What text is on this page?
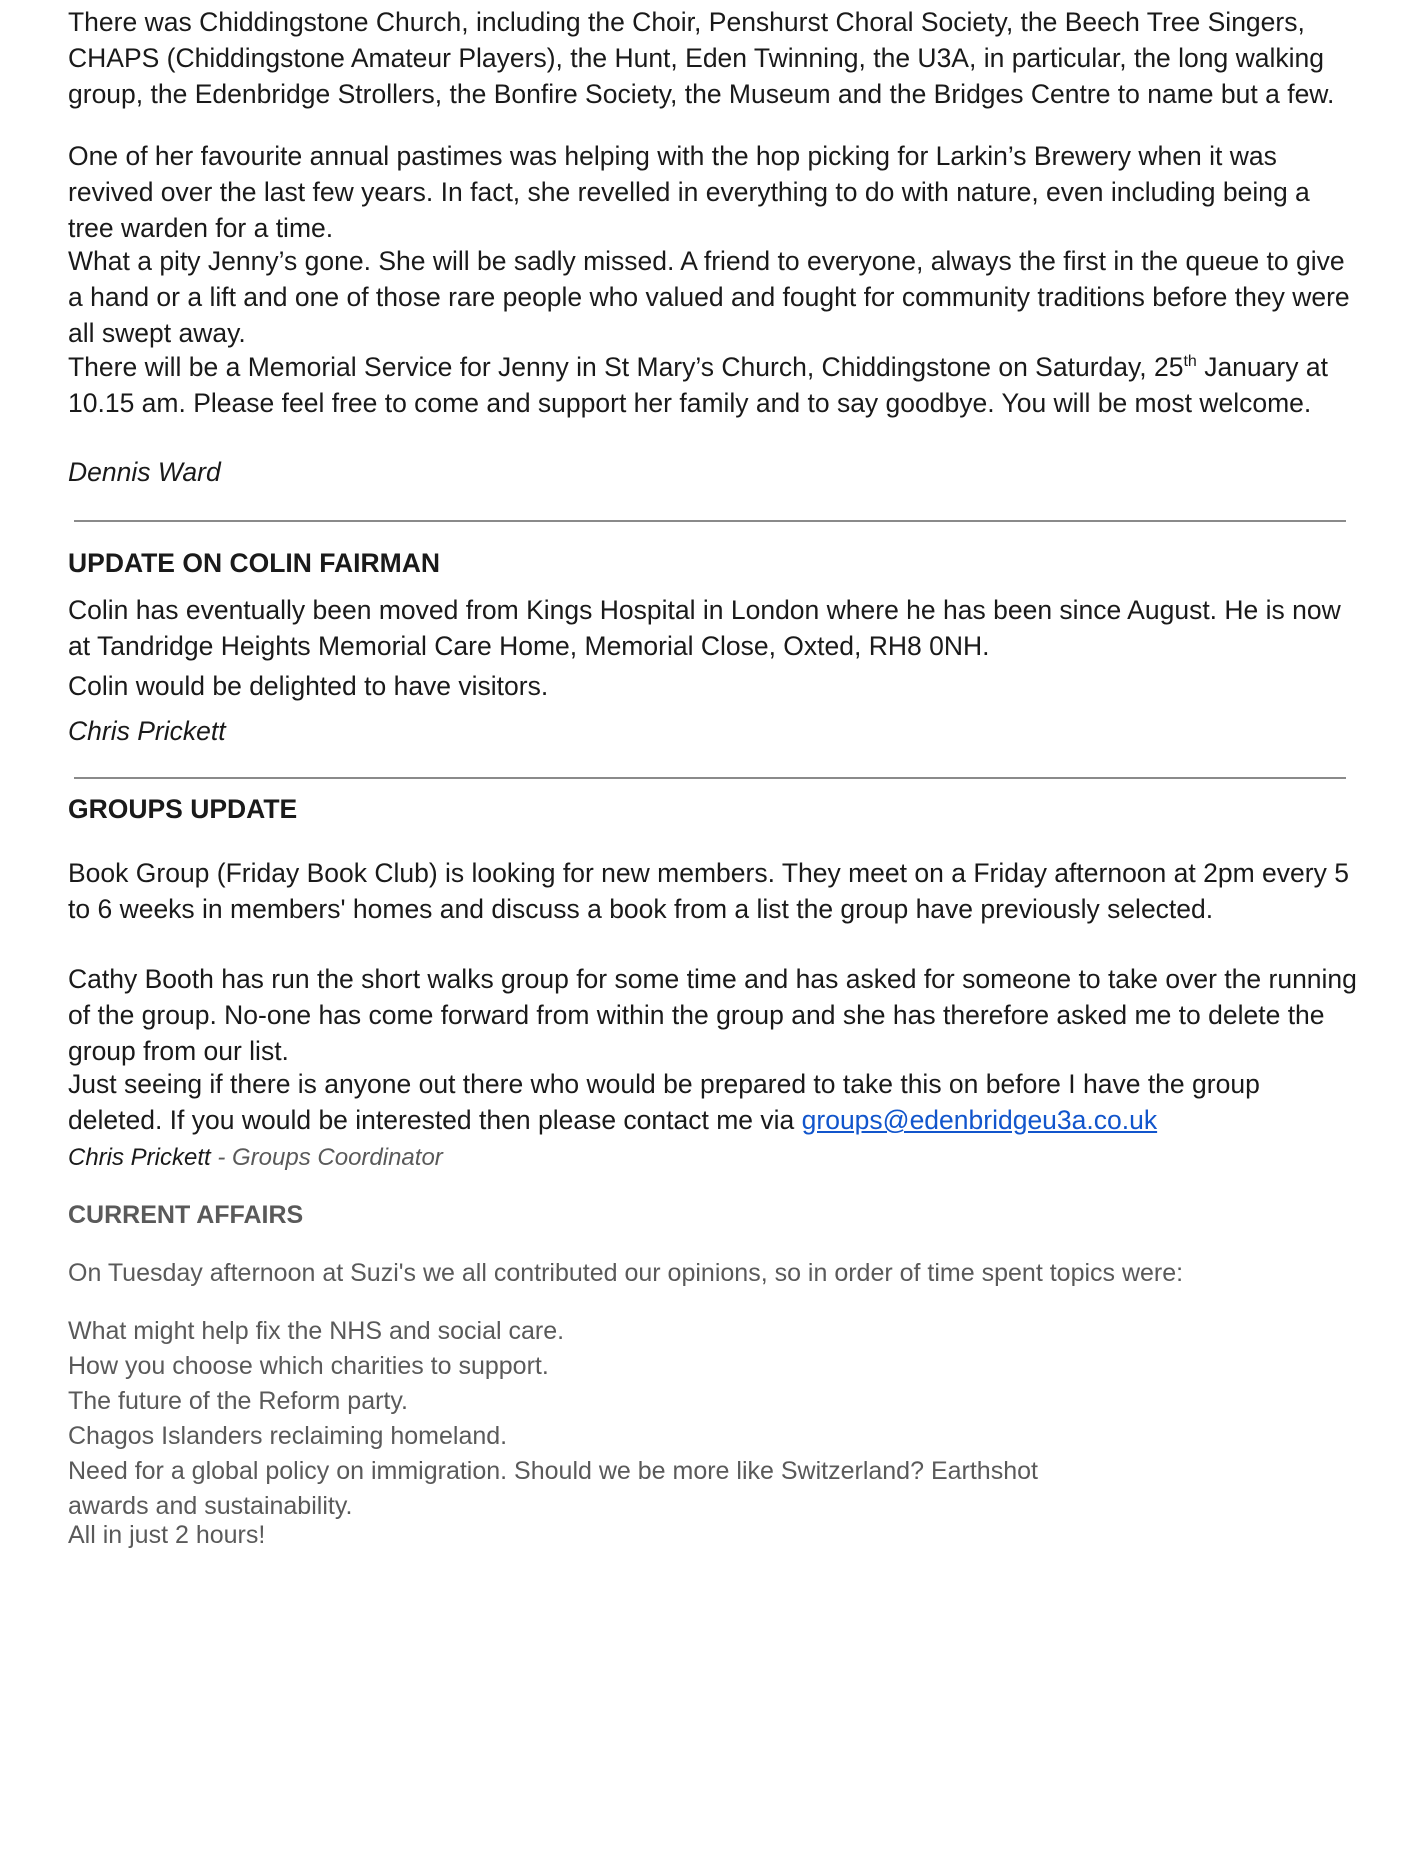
There was Chiddingstone Church, including the Choir, Penshurst Choral Society, the Beech Tree Singers, CHAPS (Chiddingstone Amateur Players), the Hunt, Eden Twinning, the U3A, in particular, the long walking group, the Edenbridge Strollers, the Bonfire Society, the Museum and the Bridges Centre to name but a few.

One of her favourite annual pastimes was helping with the hop picking for Larkin’s Brewery when it was revived over the last few years. In fact, she revelled in everything to do with nature, even including being a tree warden for a time.

What a pity Jenny’s gone. She will be sadly missed. A friend to everyone, always the first in the queue to give a hand or a lift and one of those rare people who valued and fought for community traditions before they were all swept away.

There will be a Memorial Service for Jenny in St Mary’s Church, Chiddingstone on Saturday, 25th January at 10.15 am. Please feel free to come and support her family and to say goodbye. You will be most welcome.

Dennis Ward

UPDATE ON COLIN FAIRMAN

Colin has eventually been moved from Kings Hospital in London where he has been since August. He is now at Tandridge Heights Memorial Care Home, Memorial Close, Oxted, RH8 0NH.

Colin would be delighted to have visitors.

Chris Prickett

GROUPS UPDATE

Book Group (Friday Book Club) is looking for new members. They meet on a Friday afternoon at 2pm every 5 to 6 weeks in members' homes and discuss a book from a list the group have previously selected.

Cathy Booth has run the short walks group for some time and has asked for someone to take over the running of the group. No-one has come forward from within the group and she has therefore asked me to delete the group from our list.

Just seeing if there is anyone out there who would be prepared to take this on before I have the group deleted. If you would be interested then please contact me via groups@edenbridgeu3a.co.uk

Chris Prickett - Groups Coordinator

CURRENT AFFAIRS

On Tuesday afternoon at Suzi's we all contributed our opinions, so in order of time spent topics were:

What might help fix the NHS and social care.
How you choose which charities to support.
The future of the Reform party.
Chagos Islanders reclaiming homeland.
Need for a global policy on immigration. Should we be more like Switzerland? Earthshot awards and sustainability.

All in just 2 hours!
